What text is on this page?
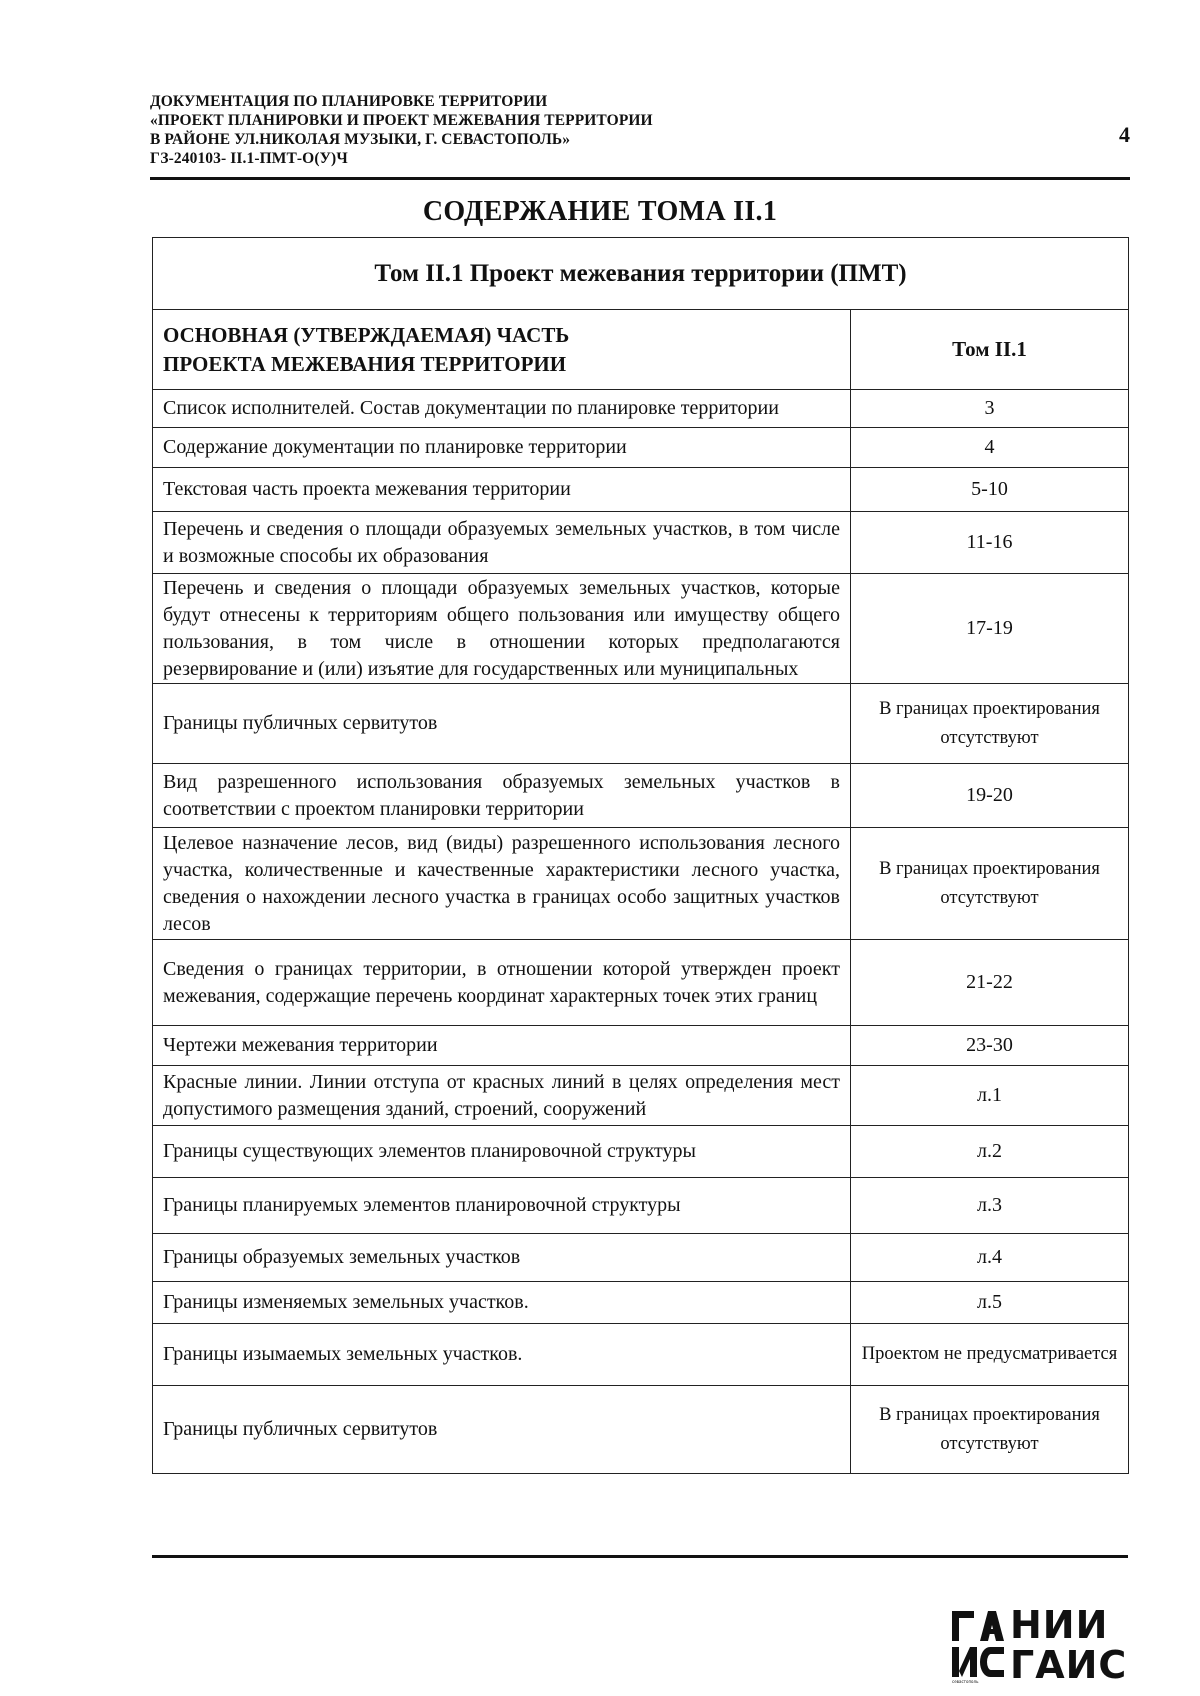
ДОКУМЕНТАЦИЯ ПО ПЛАНИРОВКЕ ТЕРРИТОРИИ
«ПРОЕКТ ПЛАНИРОВКИ И ПРОЕКТ МЕЖЕВАНИЯ ТЕРРИТОРИИ
В РАЙОНЕ УЛ.НИКОЛАЯ МУЗЫКИ, Г. СЕВАСТОПОЛЬ»
ГЗ-240103- II.1-ПМТ-О(У)Ч
4
СОДЕРЖАНИЕ ТОМА II.1
Том II.1 Проект межевания территории (ПМТ)	

ОСНОВНАЯ (УТВЕРЖДАЕМАЯ) ЧАСТЬ
ПРОЕКТА МЕЖЕВАНИЯ ТЕРРИТОРИИ	Том II.1
Список исполнителей. Состав документации по планировке территории	3
Содержание документации по планировке территории	4
Текстовая часть проекта межевания территории	5-10
Перечень и сведения о площади образуемых земельных участков, в том числе и возможные способы их образования	11-16
Перечень и сведения о площади образуемых земельных участков, которые будут отнесены к территориям общего пользования или имуществу общего пользования, в том числе в отношении которых предполагаются резервирование и (или) изъятие для государственных или муниципальных	17-19
Границы публичных сервитутов	В границах проектирования отсутствуют
Вид разрешенного использования образуемых земельных участков в соответствии с проектом планировки территории	19-20
Целевое назначение лесов, вид (виды) разрешенного использования лесного участка, количественные и качественные характеристики лесного участка, сведения о нахождении лесного участка в границах особо защитных участков лесов	В границах проектирования отсутствуют
Сведения о границах территории, в отношении которой утвержден проект межевания, содержащие перечень координат характерных точек этих границ	21-22
Чертежи межевания территории	23-30
Красные линии. Линии отступа от красных линий в целях определения мест допустимого размещения зданий, строений, сооружений	л.1
Границы существующих элементов планировочной структуры	л.2
Границы планируемых элементов планировочной структуры	л.3
Границы образуемых земельных участков	л.4
Границы изменяемых земельных участков.	л.5
Границы изымаемых земельных участков.	Проектом не предусматривается
Границы публичных сервитутов	В границах проектирования отсутствуют
севастополь
НИИ
ГАИС
